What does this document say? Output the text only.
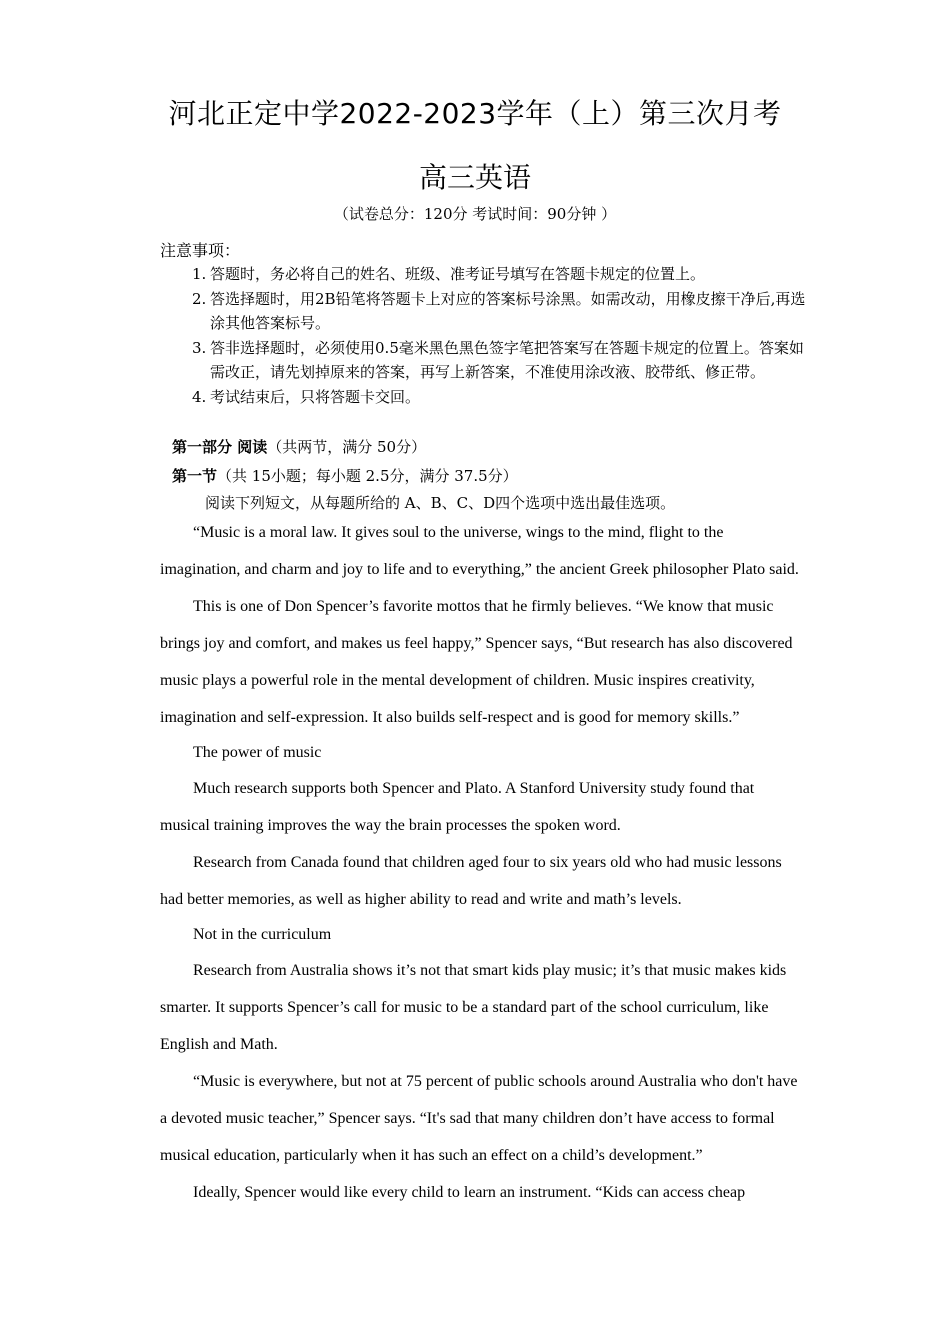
河北正定中学2022-2023学年（上）第三次月考
高三英语
（试卷总分：120分 考试时间：90分钟 ）
注意事项：
1. 答题时，务必将自己的姓名、班级、准考证号填写在答题卡规定的位置上。
2. 答选择题时，用2B铅笔将答题卡上对应的答案标号涂黑。如需改动，用橡皮擦干净后,再选涂其他答案标号。
3. 答非选择题时，必须使用0.5毫米黑色黑色签字笔把答案写在答题卡规定的位置上。答案如需改正，请先划掉原来的答案，再写上新答案，不准使用涂改液、胶带纸、修正带。
4. 考试结束后，只将答题卡交回。
第一部分 阅读（共两节，满分 50分）
第一节（共 15小题；每小题 2.5分，满分 37.5分）
阅读下列短文，从每题所给的 A、B、C、D四个选项中选出最佳选项。

“Music is a moral law. It gives soul to the universe, wings to the mind, flight to the imagination, and charm and joy to life and to everything,” the ancient Greek philosopher Plato said.

This is one of Don Spencer’s favorite mottos that he firmly believes. “We know that music brings joy and comfort, and makes us feel happy,” Spencer says, “But research has also discovered music plays a powerful role in the mental development of children. Music inspires creativity, imagination and self-expression. It also builds self-respect and is good for memory skills.”

The power of music

Much research supports both Spencer and Plato. A Stanford University study found that musical training improves the way the brain processes the spoken word.

Research from Canada found that children aged four to six years old who had music lessons had better memories, as well as higher ability to read and write and math’s levels.

Not in the curriculum

Research from Australia shows it’s not that smart kids play music; it’s that music makes kids smarter. It supports Spencer’s call for music to be a standard part of the school curriculum, like English and Math.

“Music is everywhere, but not at 75 percent of public schools around Australia who don't have a devoted music teacher,” Spencer says. “It's sad that many children don’t have access to formal musical education, particularly when it has such an effect on a child’s development.”

Ideally, Spencer would like every child to learn an instrument. “Kids can access cheap
